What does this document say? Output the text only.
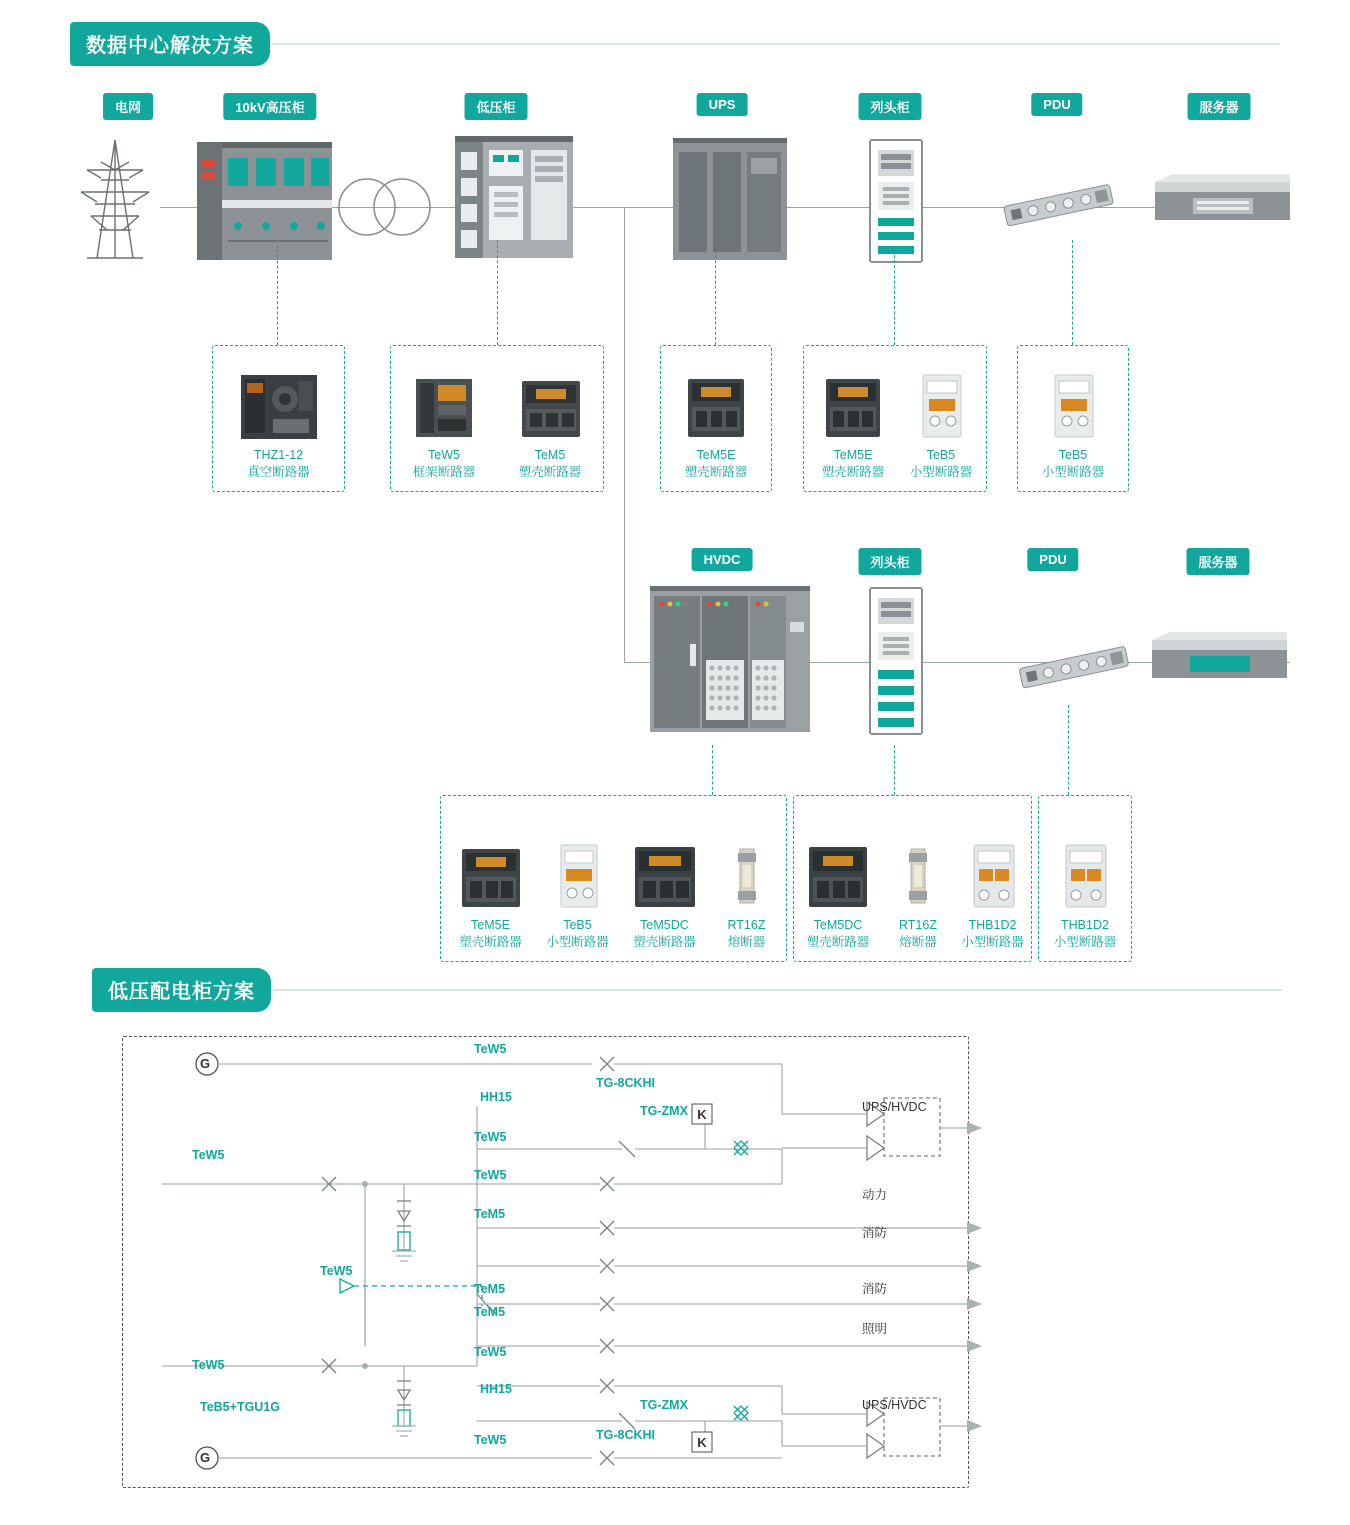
数据中心解决方案
电网	10kV高压柜	低压柜	UPS	列头柜	PDU	服务器
THZ1-12
真空断路器
TeW5
框架断路器
TeM5
塑壳断路器
TeM5E
塑壳断路器
TeM5E
塑壳断路器
TeB5
小型断路器
TeB5
小型断路器
HVDC	列头柜	PDU	服务器
TeM5E
塑壳断路器
TeB5
小型断路器
TeM5DC
塑壳断路器
RT16Z
熔断器
TeM5DC
塑壳断路器
RT16Z
熔断器
THB1D2
小型断路器
THB1D2
小型断路器
低压配电柜方案
K
K
G
G
TeW5
HH15
TG-8CKHI
TG-ZMX
TeW5
TeW5
TeM5
TeW5
TeM5
TeM5
TeW5
TeW5
HH15
TG-ZMX
TG-8CKHI
TeW5
TeW5
TeB5+TGU1G
UPS/HVDC
动力
消防
消防
照明
UPS/HVDC
